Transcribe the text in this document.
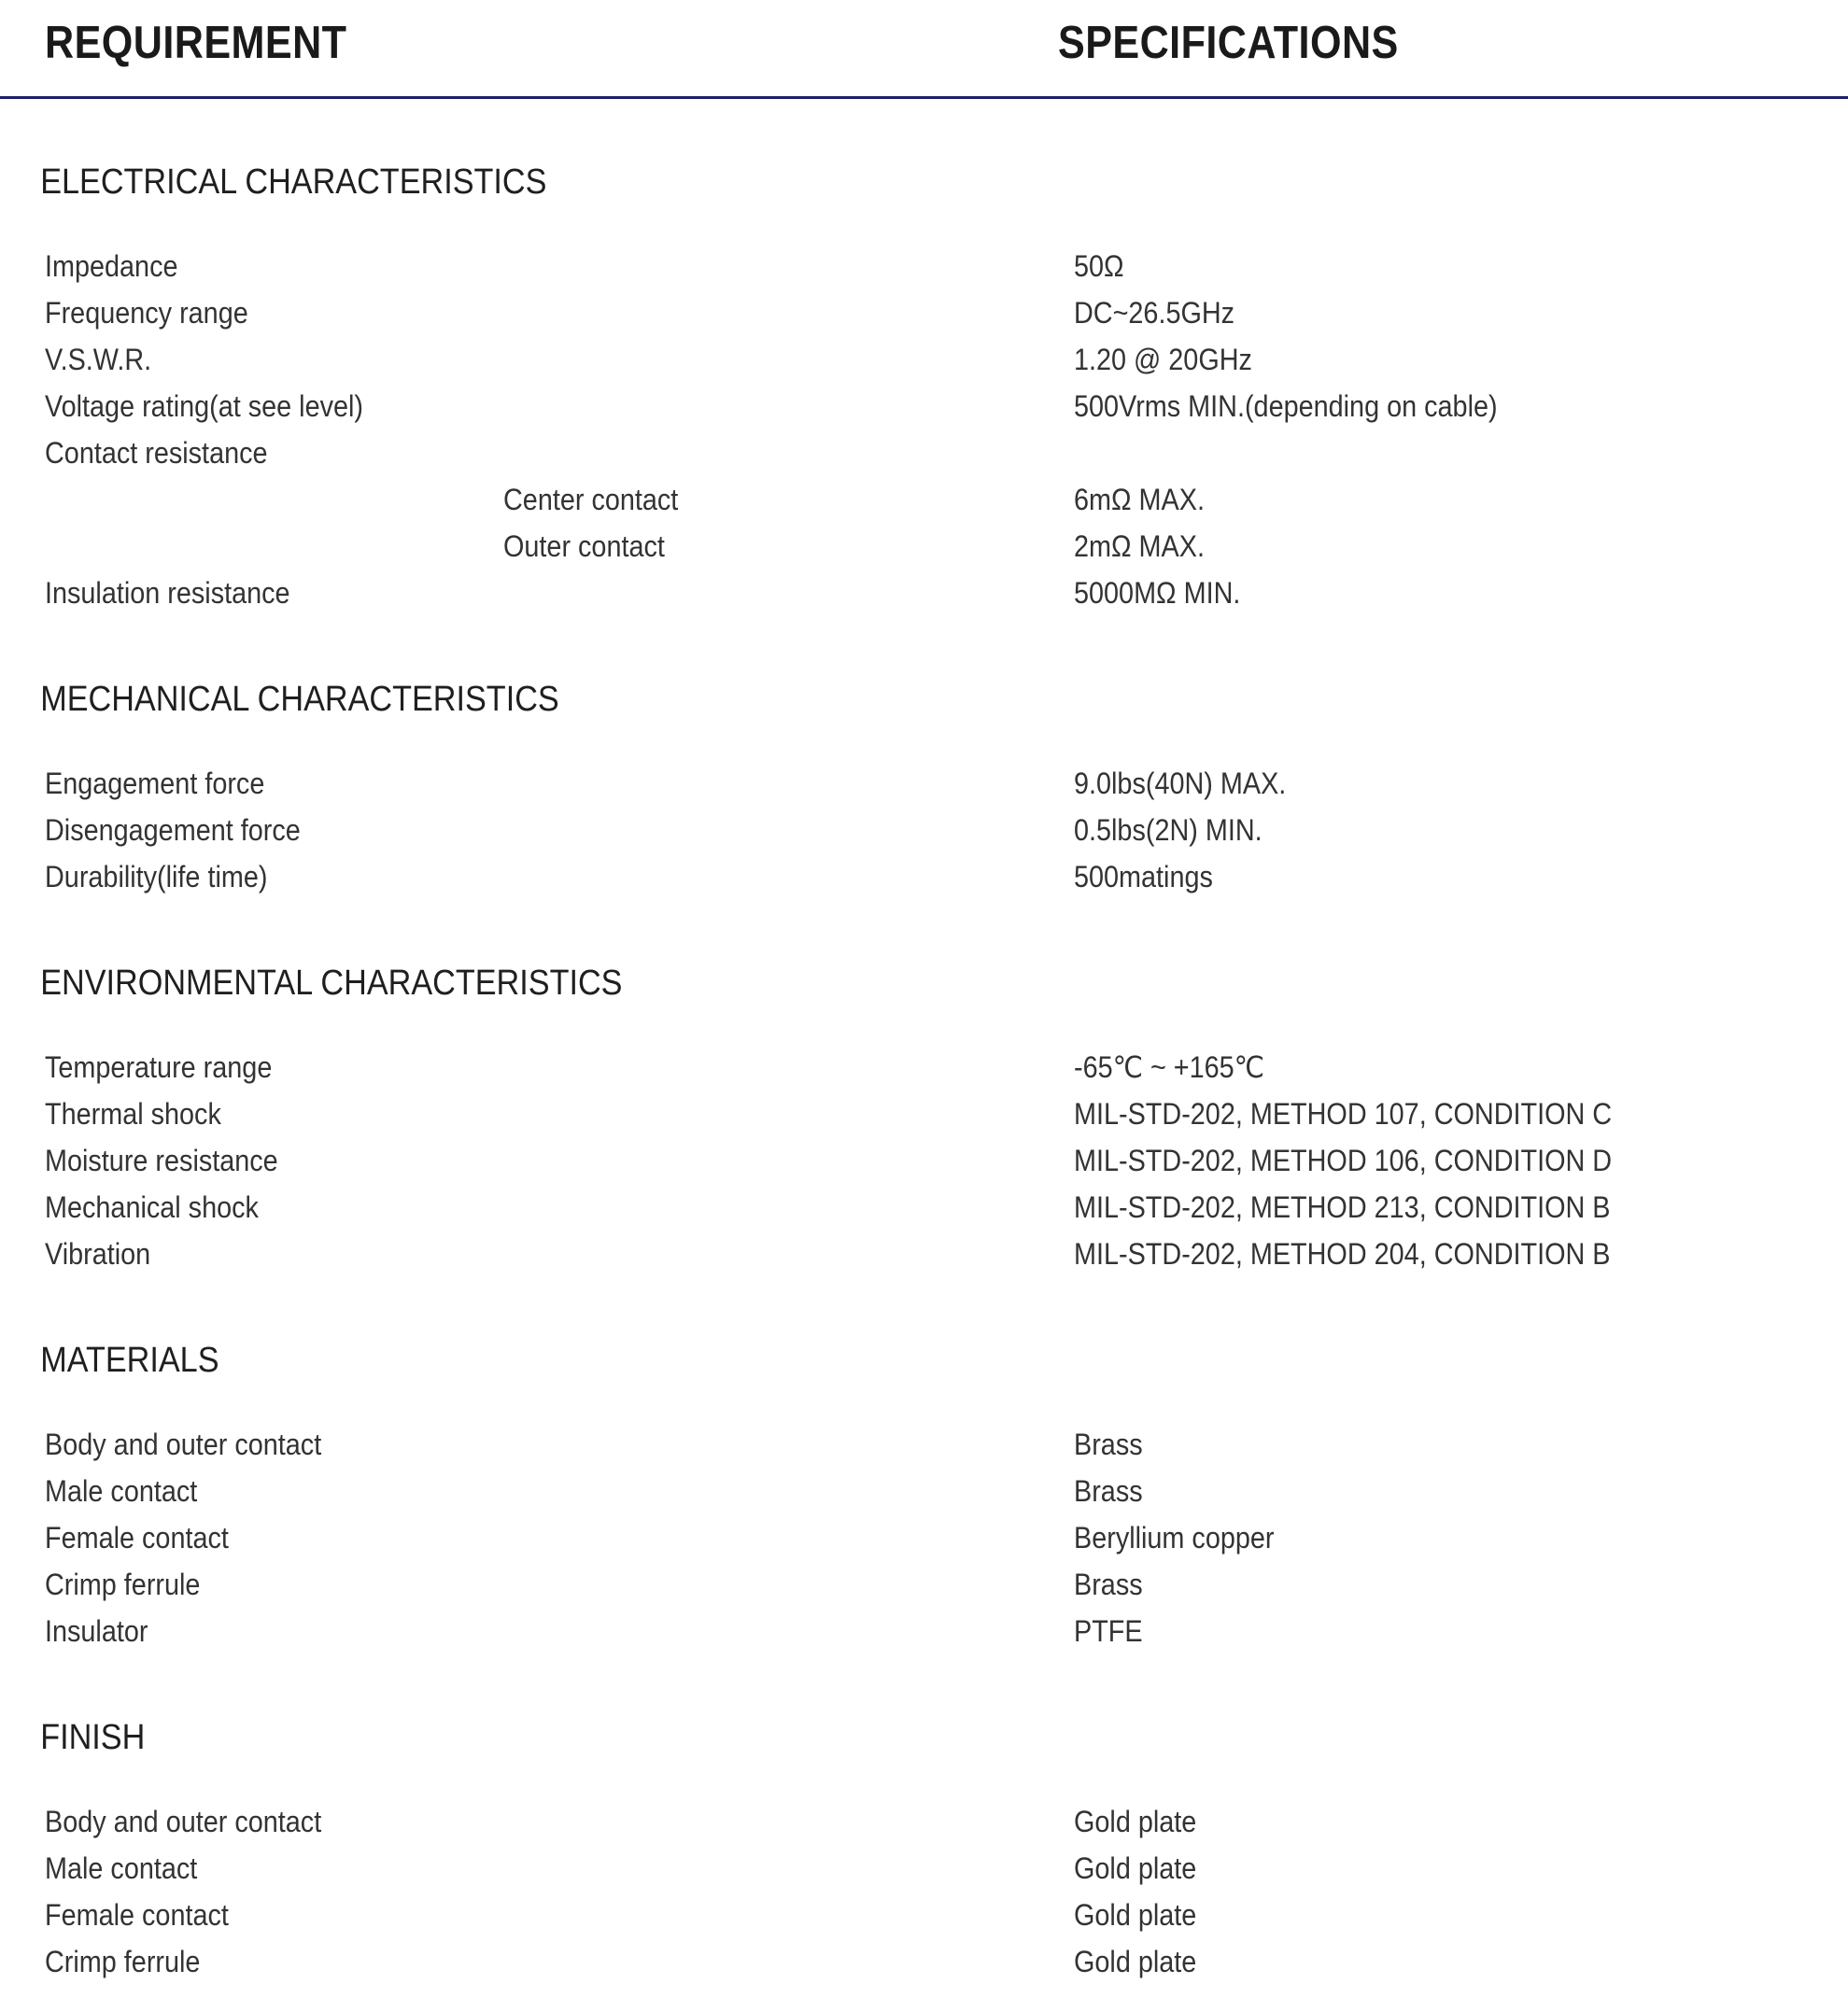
REQUIREMENT	SPECIFICATIONS
ELECTRICAL CHARACTERISTICS
Impedance	50Ω
Frequency range	DC~26.5GHz
V.S.W.R.	1.20 @ 20GHz
Voltage rating(at see level)	500Vrms MIN.(depending on cable)
Contact resistance
Center contact	6mΩ MAX.
Outer contact	2mΩ MAX.
Insulation resistance	5000MΩ MIN.
MECHANICAL CHARACTERISTICS
Engagement force	9.0lbs(40N) MAX.
Disengagement force	0.5lbs(2N) MIN.
Durability(life time)	500matings
ENVIRONMENTAL CHARACTERISTICS
Temperature range	-65℃ ~ +165℃
Thermal shock	MIL-STD-202, METHOD 107, CONDITION C
Moisture resistance	MIL-STD-202, METHOD 106, CONDITION D
Mechanical shock	MIL-STD-202, METHOD 213, CONDITION B
Vibration	MIL-STD-202, METHOD 204, CONDITION B
MATERIALS
Body and outer contact	Brass
Male contact	Brass
Female contact	Beryllium copper
Crimp ferrule	Brass
Insulator	PTFE
FINISH
Body and outer contact	Gold plate
Male contact	Gold plate
Female contact	Gold plate
Crimp ferrule	Gold plate
